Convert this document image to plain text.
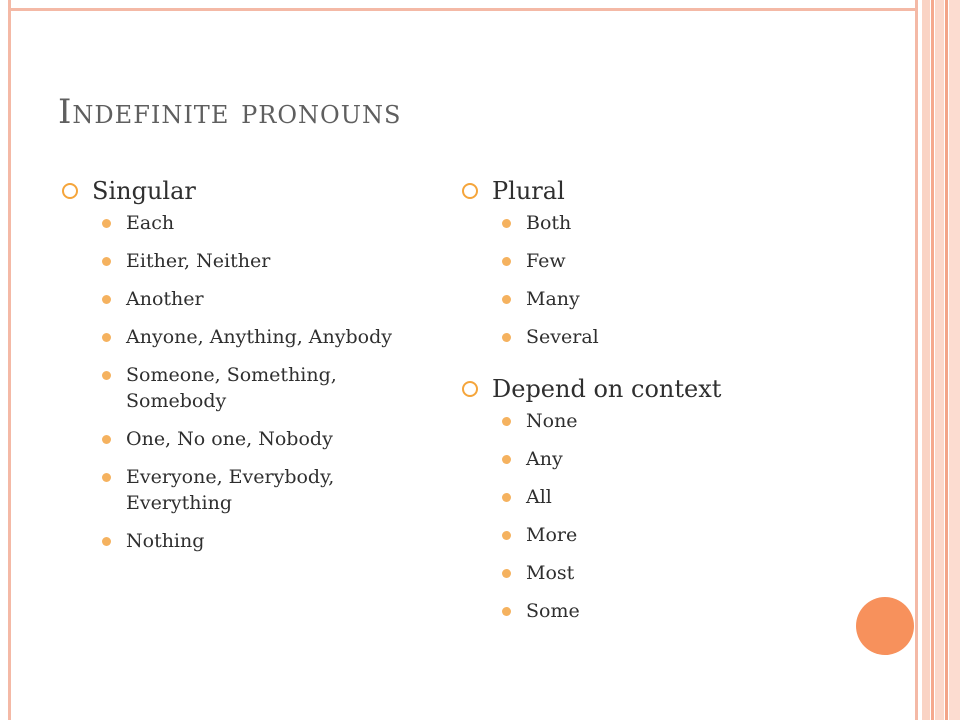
Indefinite pronouns
Singular
Each
Either, Neither
Another
Anyone, Anything, Anybody
Someone, Something, Somebody
One, No one, Nobody
Everyone, Everybody, Everything
Nothing
Plural
Both
Few
Many
Several
Depend on context
None
Any
All
More
Most
Some
